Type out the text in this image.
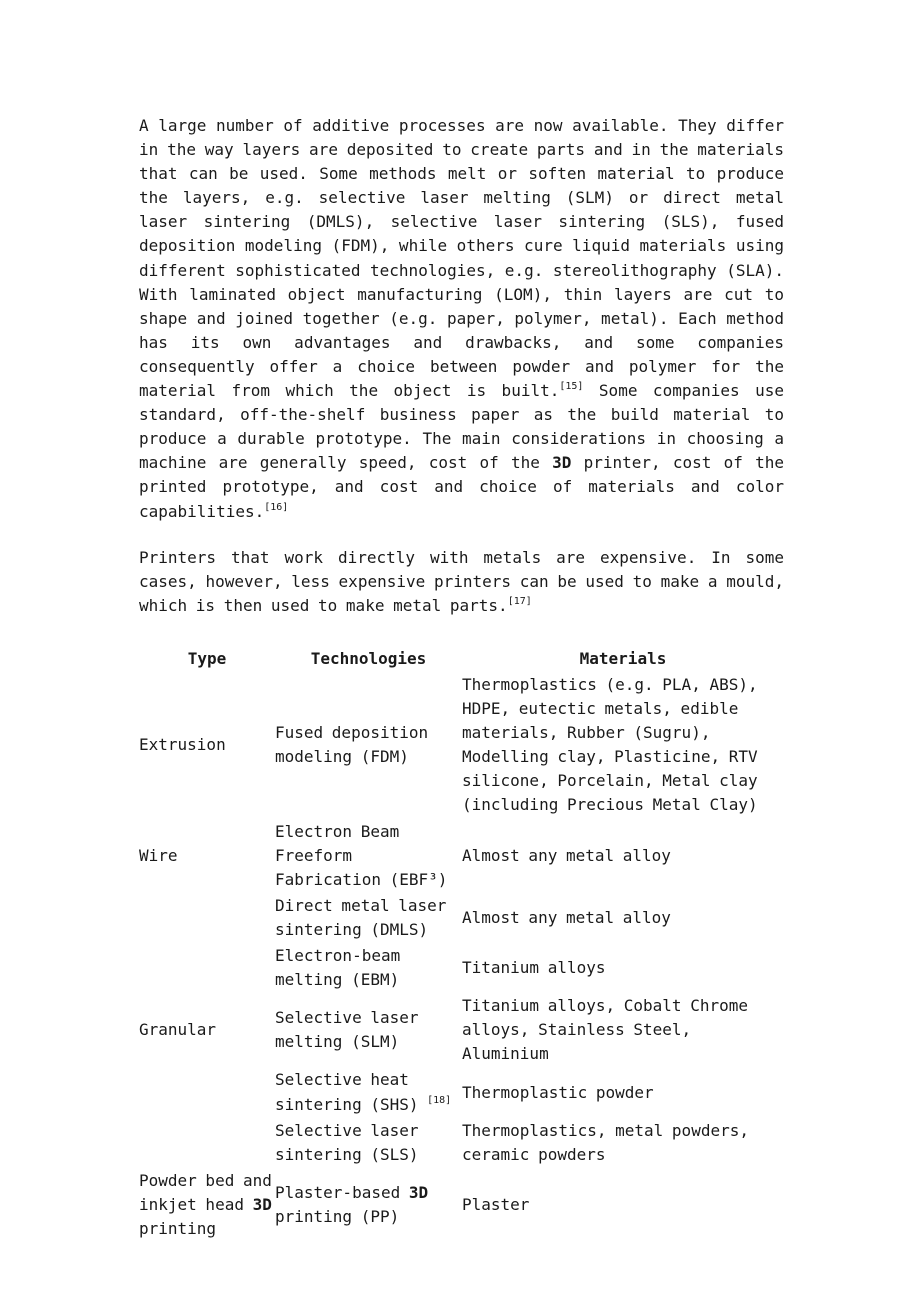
A large number of additive processes are now available. They differ in the way layers are deposited to create parts and in the materials that can be used. Some methods melt or soften material to produce the layers, e.g. selective laser melting (SLM) or direct metal laser sintering (DMLS), selective laser sintering (SLS), fused deposition modeling (FDM), while others cure liquid materials using different sophisticated technologies, e.g. stereolithography (SLA). With laminated object manufacturing (LOM), thin layers are cut to shape and joined together (e.g. paper, polymer, metal). Each method has its own advantages and drawbacks, and some companies consequently offer a choice between powder and polymer for the material from which the object is built.[15] Some companies use standard, off-the-shelf business paper as the build material to produce a durable prototype. The main considerations in choosing a machine are generally speed, cost of the 3D printer, cost of the printed prototype, and cost and choice of materials and color capabilities.[16]

Printers that work directly with metals are expensive. In some cases, however, less expensive printers can be used to make a mould, which is then used to make metal parts.[17]

Type	Technologies	Materials
Extrusion	Fused deposition modeling (FDM)	Thermoplastics (e.g. PLA, ABS), HDPE, eutectic metals, edible materials, Rubber (Sugru), Modelling clay, Plasticine, RTV silicone, Porcelain, Metal clay (including Precious Metal Clay)
Wire	Electron Beam Freeform Fabrication (EBF³)	Almost any metal alloy
Granular	Direct metal laser sintering (DMLS)	Almost any metal alloy
	Electron-beam melting (EBM)	Titanium alloys
	Selective laser melting (SLM)	Titanium alloys, Cobalt Chrome alloys, Stainless Steel, Aluminium
	Selective heat sintering (SHS) [18]	Thermoplastic powder
	Selective laser sintering (SLS)	Thermoplastics, metal powders, ceramic powders
Powder bed and inkjet head 3D printing	Plaster-based 3D printing (PP)	Plaster
